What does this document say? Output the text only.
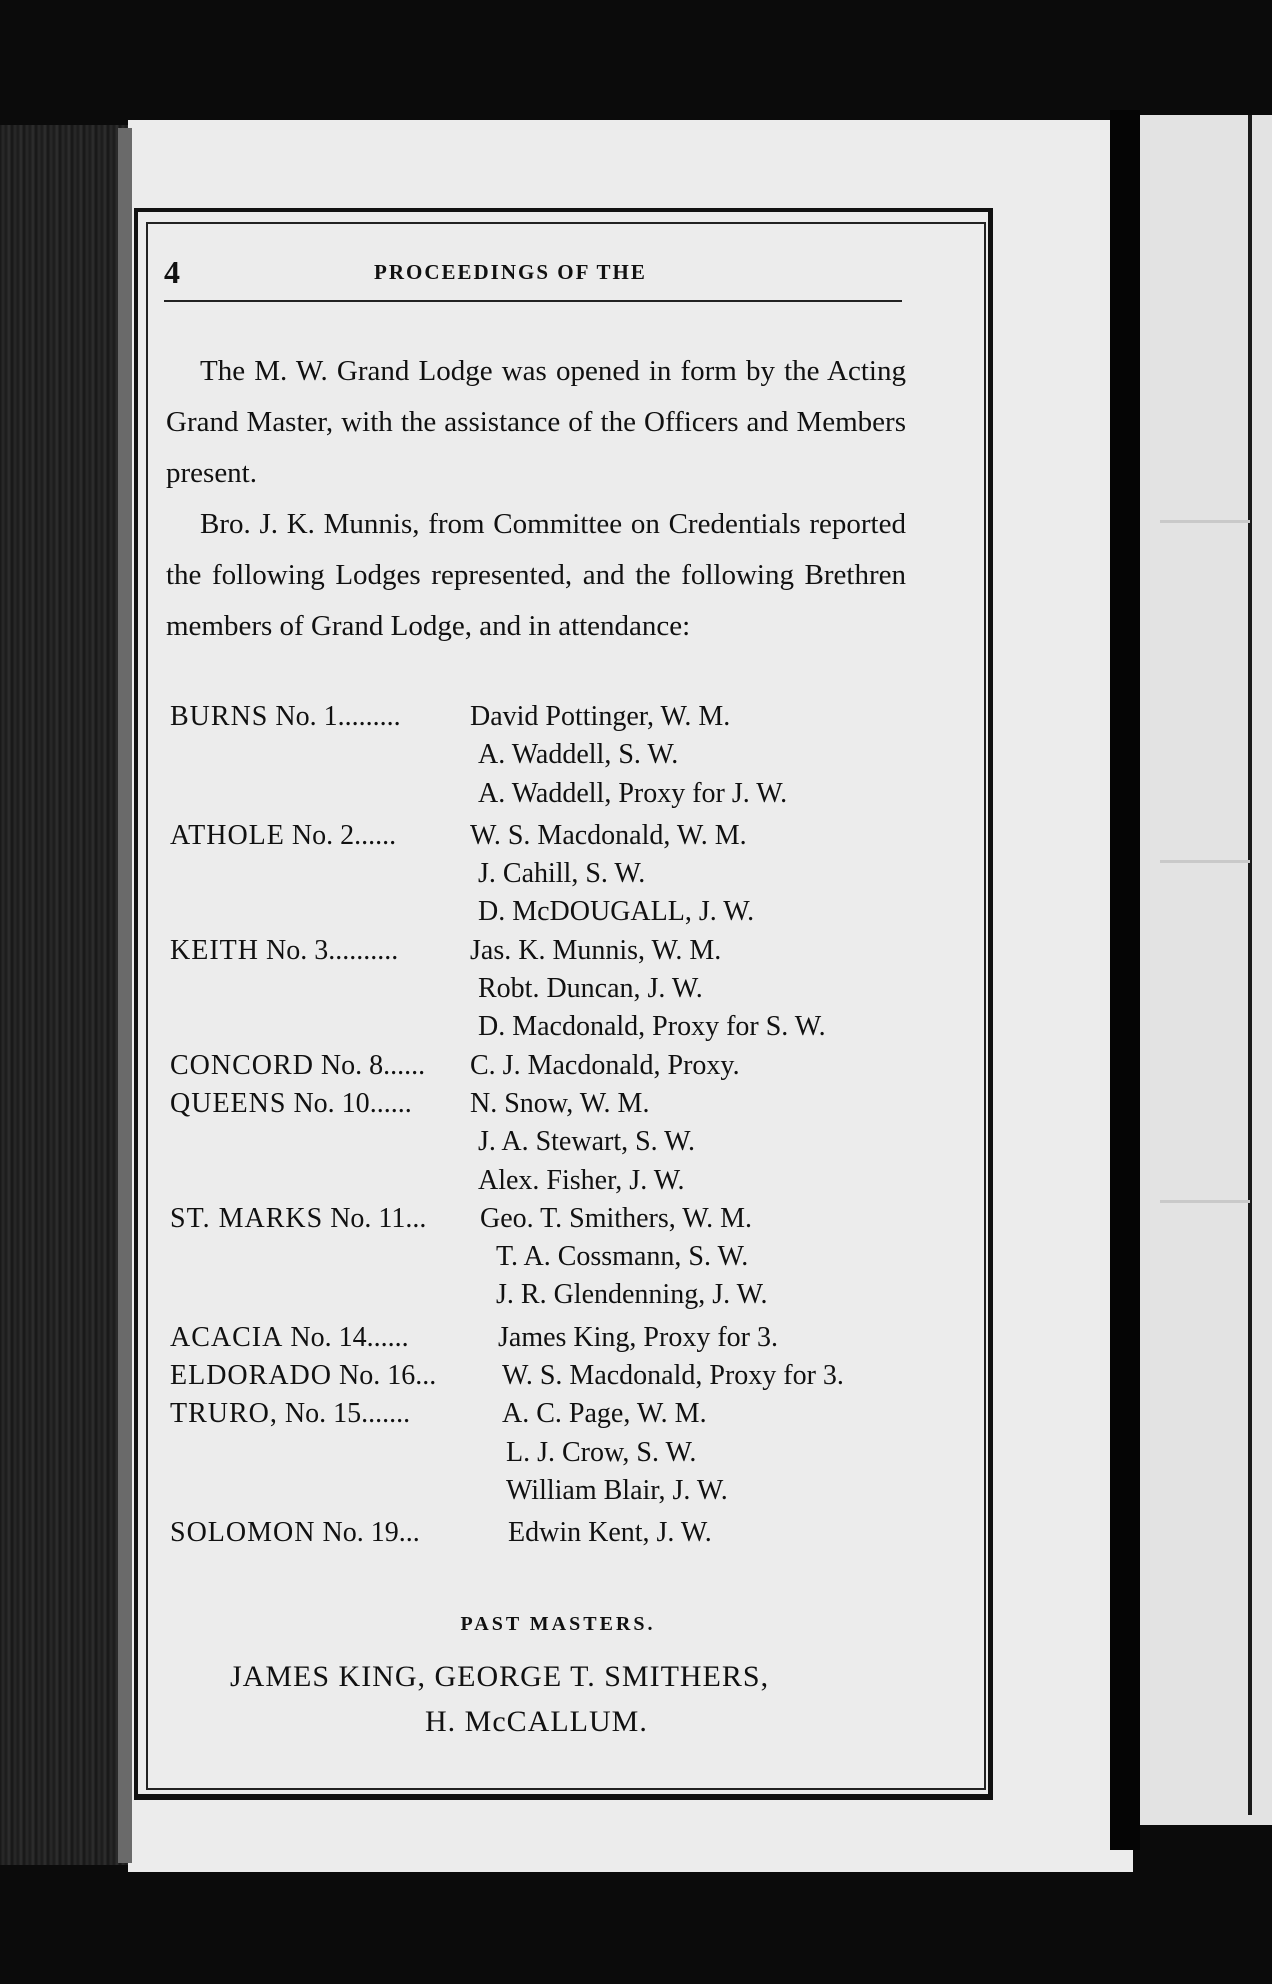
4	PROCEEDINGS OF THE

The M. W. Grand Lodge was opened in form by the Acting Grand Master, with the assistance of the Officers and Members present.

Bro. J. K. Munnis, from Committee on Credentials reported the following Lodges represented, and the following Brethren members of Grand Lodge, and in attendance:

BURNS No. 1......... David Pottinger, W. M.
A. Waddell, S. W.
A. Waddell, Proxy for J. W.
ATHOLE No. 2......	W. S. Macdonald, W. M.
J. Cahill, S. W.
D. McDOUGALL, J. W.
KEITH No. 3..........	Jas. K. Munnis, W. M.
Robt. Duncan, J. W.
D. Macdonald, Proxy for S. W.
CONCORD No. 8...... C. J. Macdonald, Proxy.
QUEENS No. 10...... N. Snow, W. M.
J. A. Stewart, S. W.
Alex. Fisher, J. W.
ST. MARKS No. 11... Geo. T. Smithers, W. M.
T. A. Cossmann, S. W.
J. R. Glendenning, J. W.
ACACIA No. 14......	James King, Proxy for 3.
ELDORADO No. 16... W. S. Macdonald, Proxy for 3.
TRURO, No. 15.......	A. C. Page, W. M.
L. J. Crow, S. W.
William Blair, J. W.
SOLOMON No. 19...	Edwin Kent, J. W.
PAST MASTERS.
JAMES KING, GEORGE T. SMITHERS,
H. McCALLUM.
